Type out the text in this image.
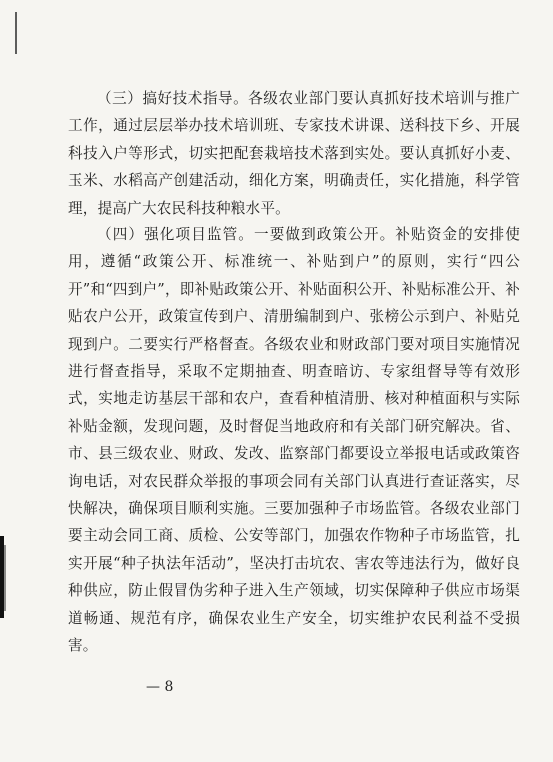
（三）搞好技术指导。各级农业部门要认真抓好技术培训与推广工作，通过层层举办技术培训班、专家技术讲课、送科技下乡、开展科技入户等形式，切实把配套栽培技术落到实处。要认真抓好小麦、玉米、水稻高产创建活动，细化方案，明确责任，实化措施，科学管理，提高广大农民科技种粮水平。

（四）强化项目监管。一要做到政策公开。补贴资金的安排使用，遵循“政策公开、标准统一、补贴到户”的原则，实行“四公开”和“四到户”，即补贴政策公开、补贴面积公开、补贴标准公开、补贴农户公开，政策宣传到户、清册编制到户、张榜公示到户、补贴兑现到户。二要实行严格督查。各级农业和财政部门要对项目实施情况进行督查指导，采取不定期抽查、明查暗访、专家组督导等有效形式，实地走访基层干部和农户，查看种植清册、核对种植面积与实际补贴金额，发现问题，及时督促当地政府和有关部门研究解决。省、市、县三级农业、财政、发改、监察部门都要设立举报电话或政策咨询电话，对农民群众举报的事项会同有关部门认真进行查证落实，尽快解决，确保项目顺利实施。三要加强种子市场监管。各级农业部门要主动会同工商、质检、公安等部门，加强农作物种子市场监管，扎实开展“种子执法年活动”，坚决打击坑农、害农等违法行为，做好良种供应，防止假冒伪劣种子进入生产领域，切实保障种子供应市场渠道畅通、规范有序，确保农业生产安全，切实维护农民利益不受损害。

— 8
